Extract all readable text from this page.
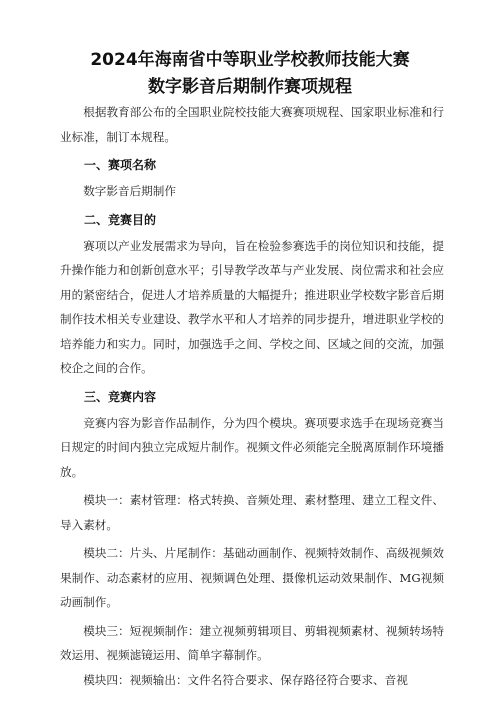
2024年海南省中等职业学校教师技能大赛
数字影音后期制作赛项规程

根据教育部公布的全国职业院校技能大赛赛项规程、国家职业标准和行业标准，制订本规程。

一、赛项名称

数字影音后期制作

二、竞赛目的

赛项以产业发展需求为导向，旨在检验参赛选手的岗位知识和技能，提升操作能力和创新创意水平；引导教学改革与产业发展、岗位需求和社会应用的紧密结合，促进人才培养质量的大幅提升；推进职业学校数字影音后期制作技术相关专业建设、教学水平和人才培养的同步提升，增进职业学校的培养能力和实力。同时，加强选手之间、学校之间、区域之间的交流，加强校企之间的合作。

三、竞赛内容

竞赛内容为影音作品制作，分为四个模块。赛项要求选手在现场竞赛当日规定的时间内独立完成短片制作。视频文件必须能完全脱离原制作环境播放。

模块一：素材管理：格式转换、音频处理、素材整理、建立工程文件、导入素材。

模块二：片头、片尾制作：基础动画制作、视频特效制作、高级视频效果制作、动态素材的应用、视频调色处理、摄像机运动效果制作、MG视频动画制作。

模块三：短视频制作：建立视频剪辑项目、剪辑视频素材、视频转场特效运用、视频滤镜运用、简单字幕制作。

模块四：视频输出：文件名符合要求、保存路径符合要求、音视
